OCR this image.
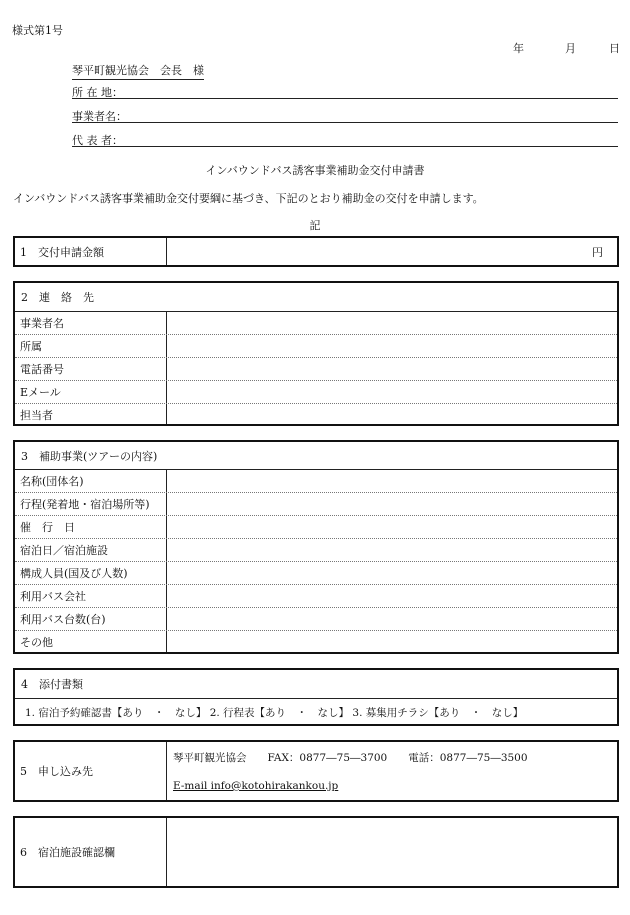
様式第1号
年	月	日
琴平町観光協会　会長　様
所 在 地：
事業者名：
代 表 者：
インバウンドバス誘客事業補助金交付申請書
インバウンドバス誘客事業補助金交付要綱に基づき、下記のとおり補助金の交付を申請します。
記
1　交付申請金額	円
2　連　絡　先
事業者名
所属
電話番号
Eメール
担当者
3　補助事業(ツアーの内容)
名称(団体名)
行程(発着地・宿泊場所等)
催　行　日
宿泊日／宿泊施設
構成人員(国及び人数)
利用バス会社
利用バス台数(台)
その他
4　添付書類
1. 宿泊予約確認書【あり　・　なし】 2. 行程表【あり　・　なし】 3. 募集用チラシ【あり　・　なし】
5　申し込み先
琴平町観光協会　　FAX：0877―75―3700　　電話：0877―75―3500
E-mail info@kotohirakankou.jp
6　宿泊施設確認欄
